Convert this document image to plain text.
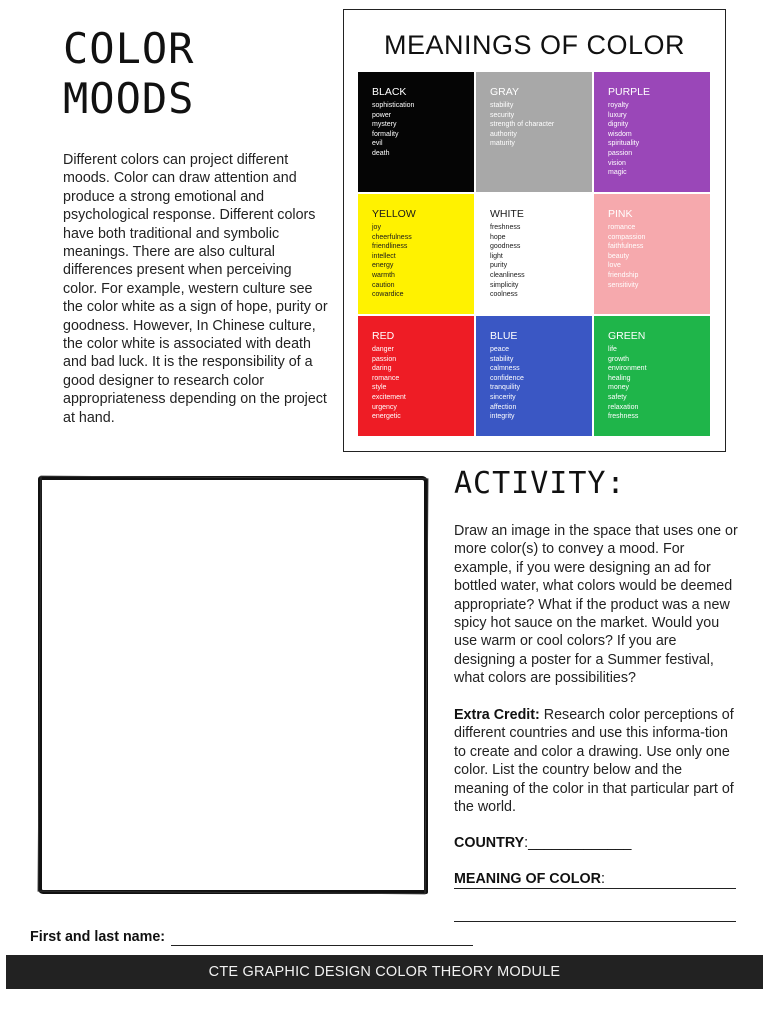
COLOR
MOODS

Different colors can project different moods. Color can draw attention and produce a strong emotional and psychological response. Different colors have both traditional and symbolic meanings. There are also cultural differences present when perceiving color. For example, western culture see the color white as a sign of hope, purity or goodness. However, In Chinese culture, the color white is associated with death and bad luck. It is the responsibility of a good designer to research color appropriateness depending on the project at hand.

MEANINGS OF COLOR
BLACK
sophistication
power
mystery
formality
evil
death
GRAY
stability
security
strength of character
authority
maturity
PURPLE
royalty
luxury
dignity
wisdom
spirituality
passion
vision
magic
YELLOW
joy
cheerfulness
friendliness
intellect
energy
warmth
caution
cowardice
WHITE
freshness
hope
goodness
light
purity
cleanliness
simplicity
coolness
PINK
romance
compassion
faithfulness
beauty
love
friendship
sensitivity
RED
danger
passion
daring
romance
style
excitement
urgency
energetic
BLUE
peace
stability
calmness
confidence
tranquility
sincerity
affection
integrity
GREEN
life
growth
environment
healing
money
safety
relaxation
freshness
ACTIVITY:

Draw an image in the space that uses one or more color(s) to convey a mood. For example, if you were designing an ad for bottled water, what colors would be deemed appropriate? What if the product was a new spicy hot sauce on the market. Would you use warm or cool colors? If you are designing a poster for a Summer festival, what colors are possibilities?

Extra Credit: Research color perceptions of different countries and use this informa-tion to create and color a drawing. Use only one color. List the country below and the meaning of the color in that particular part of the world.

COUNTRY:_____________
MEANING OF COLOR:
First and last name:
CTE GRAPHIC DESIGN COLOR THEORY MODULE
